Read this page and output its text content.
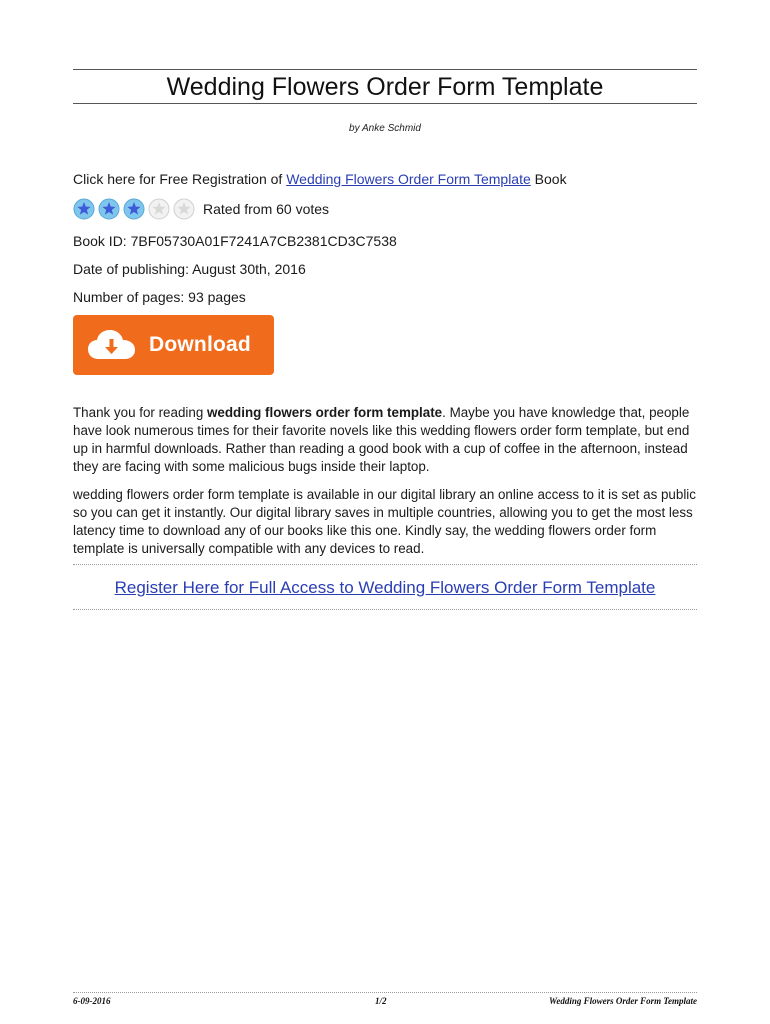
Wedding Flowers Order Form Template
by Anke Schmid
Click here for Free Registration of Wedding Flowers Order Form Template Book
Rated from 60 votes
Book ID: 7BF05730A01F7241A7CB2381CD3C7538
Date of publishing: August 30th, 2016
Number of pages: 93 pages
Download

Thank you for reading wedding flowers order form template. Maybe you have knowledge that, people have look numerous times for their favorite novels like this wedding flowers order form template, but end up in harmful downloads. Rather than reading a good book with a cup of coffee in the afternoon, instead they are facing with some malicious bugs inside their laptop.

wedding flowers order form template is available in our digital library an online access to it is set as public so you can get it instantly. Our digital library saves in multiple countries, allowing you to get the most less latency time to download any of our books like this one. Kindly say, the wedding flowers order form template is universally compatible with any devices to read.

Register Here for Full Access to Wedding Flowers Order Form Template
6-09-2016	1/2	Wedding Flowers Order Form Template
